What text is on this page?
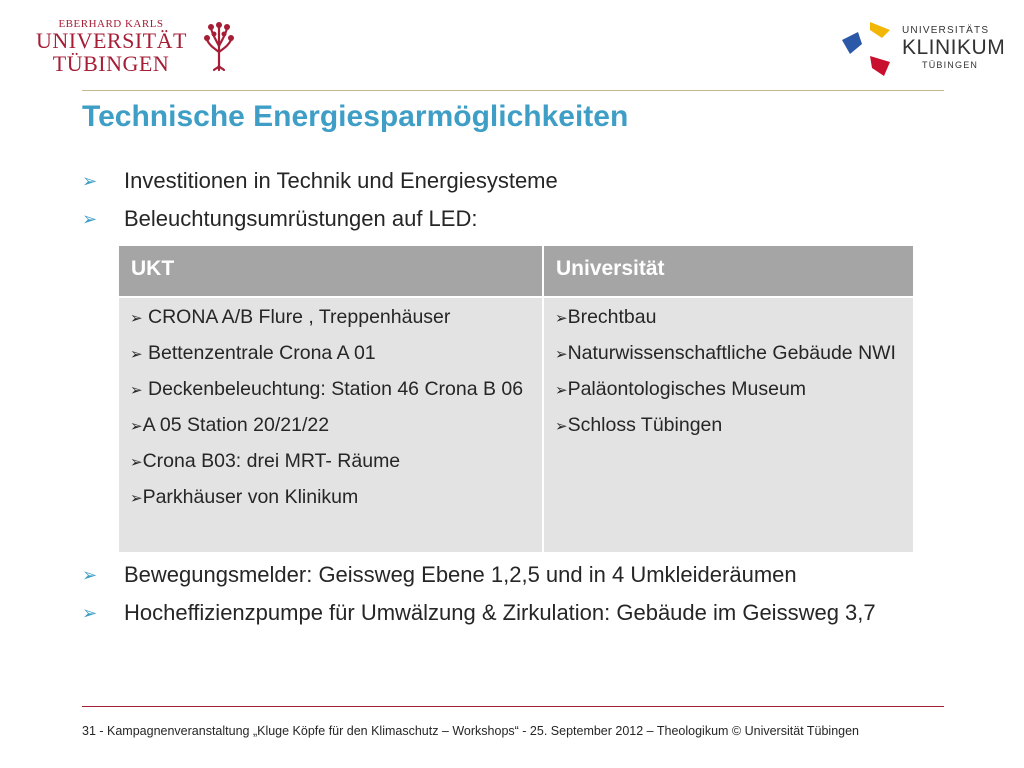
EBERHARD KARLS
UNIVERSITÄT
TÜBINGEN
UNIVERSITÄTS
KLINIKUM
TÜBINGEN
Technische Energiesparmöglichkeiten
➢ Investitionen in Technik und Energiesysteme
➢ Beleuchtungsumrüstungen auf LED:
UKT	Universität
➢ CRONA A/B Flure , Treppenhäuser
➢ Bettenzentrale Crona A 01
➢ Deckenbeleuchtung: Station 46 Crona B 06
➢A 05 Station 20/21/22
➢Crona B03: drei MRT- Räume
➢Parkhäuser von Klinikum
➢Brechtbau
➢Naturwissenschaftliche Gebäude NWI
➢Paläontologisches Museum
➢Schloss Tübingen
➢ Bewegungsmelder: Geissweg Ebene 1,2,5 und in 4 Umkleideräumen
➢ Hocheffizienzpumpe für Umwälzung & Zirkulation: Gebäude im Geissweg 3,7
31 - Kampagnenveranstaltung „Kluge Köpfe für den Klimaschutz – Workshops“ - 25. September 2012 – Theologikum © Universität Tübingen
